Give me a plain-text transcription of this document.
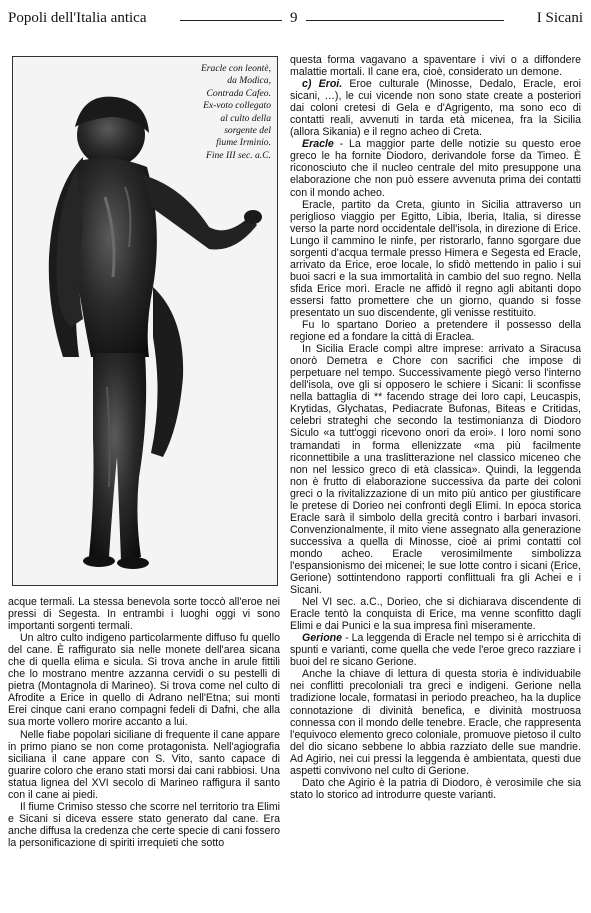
Popoli dell'Italia antica	9	I Sicani
Eracle con leontè,
da Modica,
Contrada Cafeo.
Ex-voto collegato
al culto della
sorgente del
fiume Irminio.
Fine III sec. a.C.

acque termali. La stessa benevola sorte toccò all'eroe nei pressi di Segesta. In entrambi i luoghi oggi vi sono importanti sorgenti termali.

Un altro culto indigeno particolarmente diffuso fu quello del cane. È raffigurato sia nelle monete dell'area sicana che di quella elima e sicula. Si trova anche in arule fittili che lo mostrano mentre azzanna cervidi o su pestelli di pietra (Montagnola di Marineo). Si trova come nel culto di Afrodite a Erice in quello di Adrano nell'Etna; sui monti Erei cinque cani erano compagni fedeli di Dafni, che alla sua morte vollero morire accanto a lui.

Nelle fiabe popolari siciliane di frequente il cane appare in primo piano se non come protagonista. Nell'agiografia siciliana il cane appare con S. Vito, santo capace di guarire coloro che erano stati morsi dai cani rabbiosi. Una statua lignea del XVI secolo di Marineo raffigura il santo con il cane ai piedi.

Il fiume Crimiso stesso che scorre nel territorio tra Elimi e Sicani si diceva essere stato generato dal cane. Era anche diffusa la credenza che certe specie di cani fossero la personificazione di spiriti irrequieti che sotto

questa forma vagavano a spaventare i vivi o a diffondere malattie mortali. Il cane era, cioè, considerato un demone.

c) Eroi. Eroe culturale (Minosse, Dedalo, Eracle, eroi sicani, …), le cui vicende non sono state create a posteriori dai coloni cretesi di Gela e d'Agrigento, ma sono eco di contatti reali, avvenuti in tarda età micenea, fra la Sicilia (allora Sikania) e il regno acheo di Creta.

Eracle - La maggior parte delle notizie su questo eroe greco le ha fornite Diodoro, derivandole forse da Timeo. È riconosciuto che il nucleo centrale del mito presuppone una elaborazione che non può essere avvenuta prima dei contatti con il mondo acheo.

Eracle, partito da Creta, giunto in Sicilia attraverso un periglioso viaggio per Egitto, Libia, Iberia, Italia, si diresse verso la parte nord occidentale dell'isola, in direzione di Erice. Lungo il cammino le ninfe, per ristorarlo, fanno sgorgare due sorgenti d'acqua termale presso Himera e Segesta ed Eracle, arrivato da Erice, eroe locale, lo sfidò mettendo in palio i sui buoi sacri e la sua immortalità in cambio del suo regno. Nella sfida Erice morì. Eracle ne affidò il regno agli abitanti dopo essersi fatto promettere che un giorno, quando si fosse presentato un suo discendente, gli venisse restituito.

Fu lo spartano Dorieo a pretendere il possesso della regione ed a fondare la città di Eraclea.

In Sicilia Eracle compì altre imprese: arrivato a Siracusa onorò Demetra e Chore con sacrifici che impose di perpetuare nel tempo. Successivamente piegò verso l'interno dell'isola, ove gli si opposero le schiere i Sicani: li sconfisse nella battaglia di ** facendo strage dei loro capi, Leucaspis, Krytidas, Glychatas, Pediacrate Bufonas, Biteas e Critidas, celebri strateghi che secondo la testimonianza di Diodoro Siculo «a tutt'oggi ricevono onori da eroi». I loro nomi sono tramandati in forma ellenizzate «ma più facilmente riconnettibile a una traslitterazione nel classico miceneo che non nel lessico greco di età classica». Quindi, la leggenda non è frutto di elaborazione successiva da parte dei coloni greci o la rivitalizzazione di un mito più antico per giustificare le pretese di Dorieo nei confronti degli Elimi. In epoca storica Eracle sarà il simbolo della grecità contro i barbari invasori. Convenzionalmente, il mito viene assegnato alla generazione successiva a quella di Minosse, cioè ai primi contatti col mondo acheo. Eracle verosimilmente simbolizza l'espansionismo dei micenei; le sue lotte contro i sicani (Erice, Gerione) sottintendono rapporti conflittuali fra gli Achei e i Sicani.

Nel VI sec. a.C., Dorieo, che si dichiarava discendente di Eracle tentò la conquista di Erice, ma venne sconfitto dagli Elimi e dai Punici e la sua impresa finì miseramente.

Gerione - La leggenda di Eracle nel tempo si è arricchita di spunti e varianti, come quella che vede l'eroe greco razziare i buoi del re sicano Gerione.

Anche la chiave di lettura di questa storia è individuabile nei conflitti precoloniali tra greci e indigeni. Gerione nella tradizione locale, formatasi in periodo preacheo, ha la duplice connotazione di divinità benefica, e divinità mostruosa connessa con il mondo delle tenebre. Eracle, che rappresenta l'equivoco elemento greco coloniale, promuove pietoso il culto del dio sicano sebbene lo abbia razziato delle sue mandrie. Ad Agirio, nei cui pressi la leggenda è ambientata, questi due aspetti convivono nel culto di Gerione.

Dato che Agirio è la patria di Diodoro, è verosimile che sia stato lo storico ad introdurre queste varianti.
